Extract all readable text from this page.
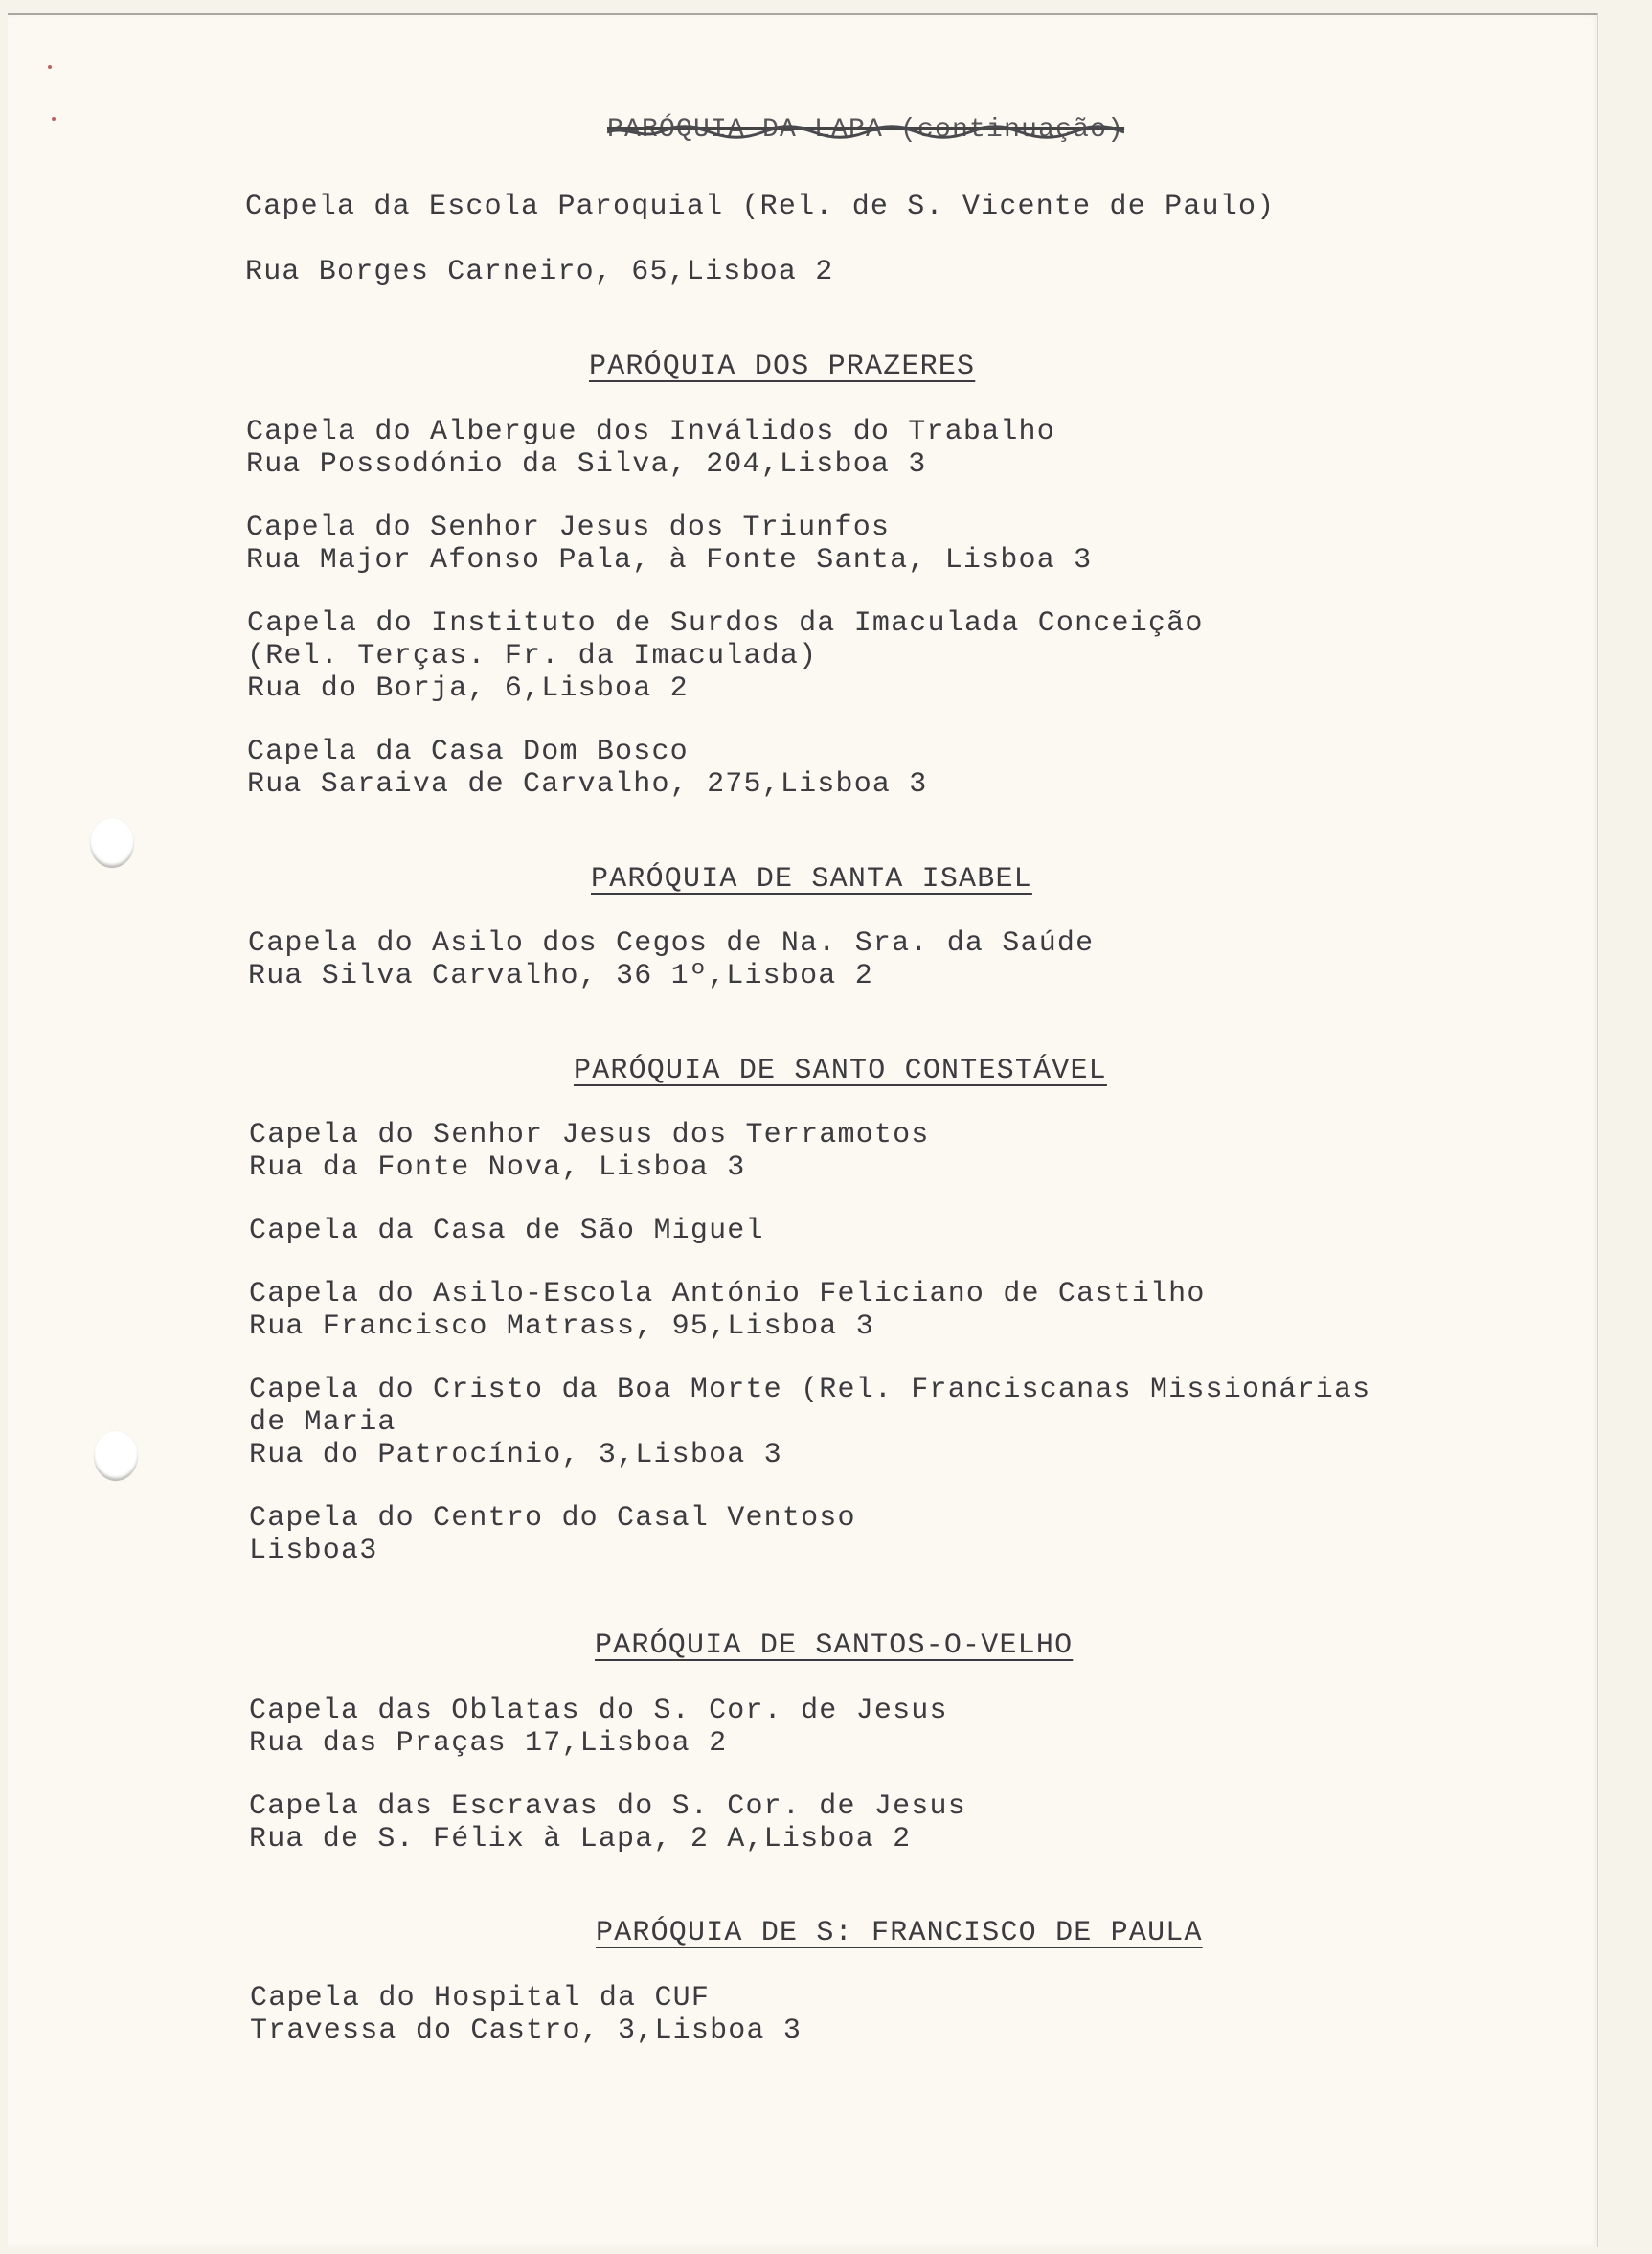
PARÓQUIA DA LAPA (continuação)

Capela da Escola Paroquial (Rel. de S. Vicente de Paulo)

Rua Borges Carneiro, 65,Lisboa 2

PARÓQUIA DOS PRAZERES

Capela do Albergue dos Inválidos do Trabalho

Rua Possodónio da Silva, 204,Lisboa 3

Capela do Senhor Jesus dos Triunfos

Rua Major Afonso Pala, à Fonte Santa, Lisboa 3

Capela do Instituto de Surdos da Imaculada Conceição

(Rel. Terças. Fr. da Imaculada)

Rua do Borja, 6,Lisboa 2

Capela da Casa Dom Bosco

Rua Saraiva de Carvalho, 275,Lisboa 3

PARÓQUIA DE SANTA ISABEL

Capela do Asilo dos Cegos de Na. Sra. da Saúde

Rua Silva Carvalho, 36 1º,Lisboa 2

PARÓQUIA DE SANTO CONTESTÁVEL

Capela do Senhor Jesus dos Terramotos

Rua da Fonte Nova, Lisboa 3

Capela da Casa de São Miguel

Capela do Asilo-Escola António Feliciano de Castilho

Rua Francisco Matrass, 95,Lisboa 3

Capela do Cristo da Boa Morte (Rel. Franciscanas Missionárias

de Maria

Rua do Patrocínio, 3,Lisboa 3

Capela do Centro do Casal Ventoso

Lisboa3

PARÓQUIA DE SANTOS-O-VELHO

Capela das Oblatas do S. Cor. de Jesus

Rua das Praças 17,Lisboa 2

Capela das Escravas do S. Cor. de Jesus

Rua de S. Félix à Lapa, 2 A,Lisboa 2

PARÓQUIA DE S: FRANCISCO DE PAULA

Capela do Hospital da CUF

Travessa do Castro, 3,Lisboa 3
